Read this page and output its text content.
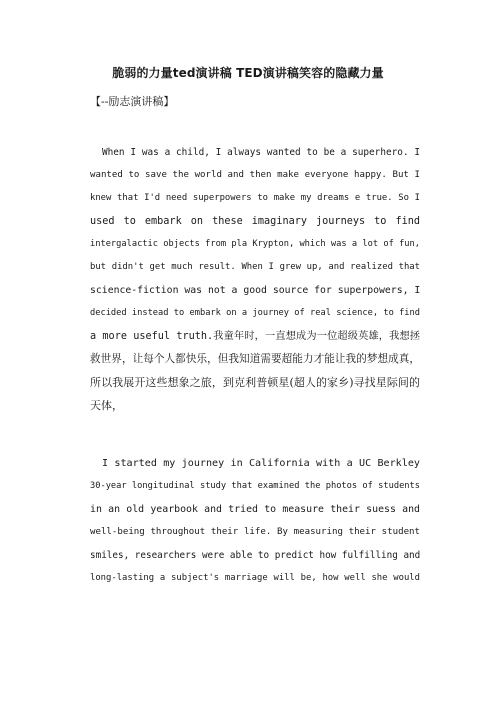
脆弱的力量ted演讲稿 TED演讲稿笑容的隐藏力量
【--励志演讲稿】
When I was a child, I always wanted to be a superhero. I
wanted to save the world and then make everyone happy. But I
knew that I'd need superpowers to make my dreams e true. So I
used to embark on these imaginary journeys to find
intergalactic objects from pla Krypton, which was a lot of fun,
but didn't get much result. When I grew up, and realized that
science-fiction was not a good source for superpowers, I
decided instead to embark on a journey of real science, to find
a more useful truth.我童年时，一直想成为一位超级英雄，我想拯
救世界，让每个人都快乐，但我知道需要超能力才能让我的梦想成真，
所以我展开这些想象之旅，到克利普顿星(超人的家乡)寻找星际间的
天体，
I started my journey in California with a UC Berkley
30-year longitudinal study that examined the photos of students
in an old yearbook and tried to measure their suess and
well-being throughout their life. By measuring their student
smiles, researchers were able to predict how fulfilling and
long-lasting a subject's marriage will be, how well she would
